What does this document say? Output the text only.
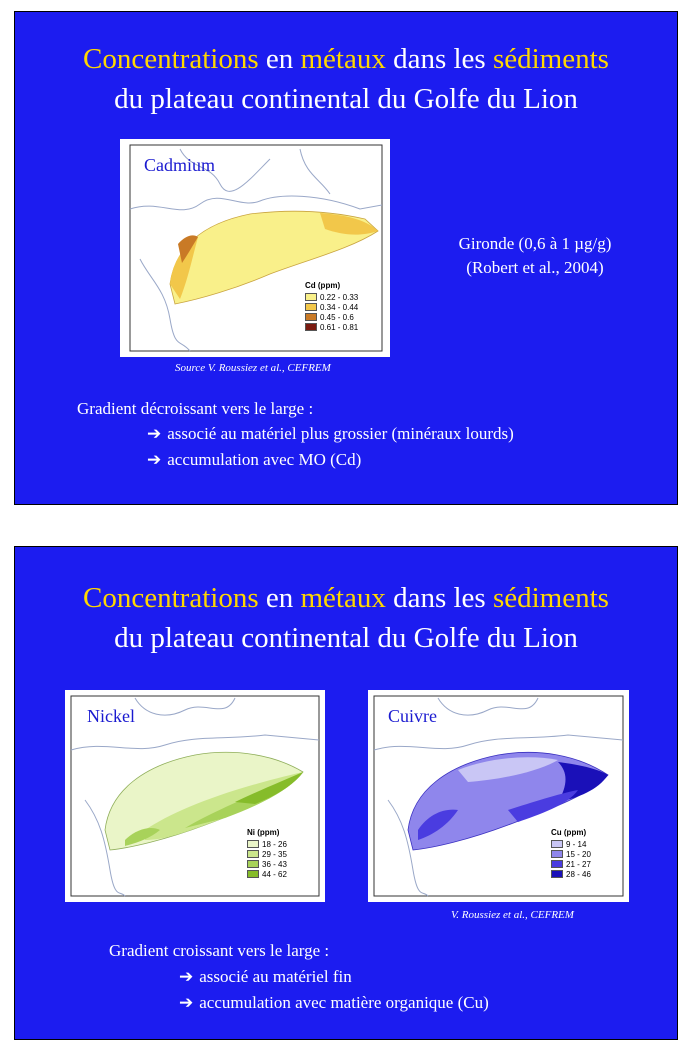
Concentrations en métaux dans les sédiments
du plateau continental du Golfe du Lion
Cadmium
Cd (ppm)
0.22 - 0.33
0.34 - 0.44
0.45 - 0.6
0.61 - 0.81
Source V. Roussiez et al., CEFREM
Gironde (0,6 à 1 µg/g)
(Robert et al., 2004)
Gradient décroissant vers le large :
➔ associé au matériel plus grossier (minéraux lourds)
➔ accumulation avec MO (Cd)
Concentrations en métaux dans les sédiments
du plateau continental du Golfe du Lion
Nickel
Ni (ppm)
18 - 26
29 - 35
36 - 43
44 - 62
Cuivre
Cu (ppm)
9 - 14
15 - 20
21 - 27
28 - 46
V. Roussiez et al., CEFREM
Gradient croissant vers le large :
➔ associé au matériel fin
➔ accumulation avec matière organique (Cu)
